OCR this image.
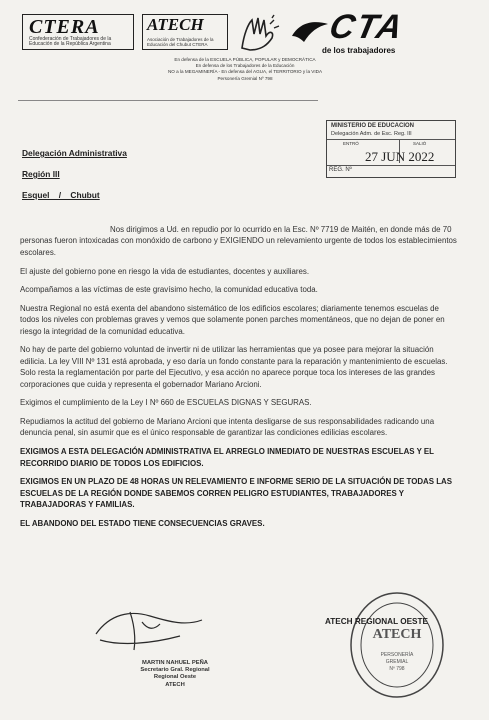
CTERA
Confederación de Trabajadores de la Educación de la República Argentina
ATECH
Asociación de Trabajadores de la Educación del Chubut CTERA	CTA
de los trabajadores
En defensa de la ESCUELA PÚBLICA, POPULAR y DEMOCRÁTICA
En defensa de los Trabajadores de la Educación
NO a la MEGAMINERÍA - En defensa del AGUA, el TERRITORIO y la VIDA
Personería Gremial Nº 798
MINISTERIO DE EDUCACION
Delegación Adm. de Esc. Reg. III
ENTRÓ	SALIÓ
27 JUN 2022
REG. Nº
Delegación Administrativa
Región III
Esquel    /    Chubut

Nos dirigimos a Ud. en repudio por lo ocurrido en la Esc. Nº 7719 de Maitén, en donde más de 70 personas fueron intoxicadas con monóxido de carbono y EXIGIENDO un relevamiento urgente de todos los establecimientos escolares.

El ajuste del gobierno pone en riesgo la vida de estudiantes, docentes y auxiliares.

Acompañamos a las víctimas de este gravísimo hecho, la comunidad educativa toda.

Nuestra Regional no está exenta del abandono sistemático de los edificios escolares; diariamente tenemos escuelas de todos los niveles con problemas graves y vemos que solamente ponen parches momentáneos, que no dejan de poner en riesgo la integridad de la comunidad educativa.

No hay de parte del gobierno voluntad de invertir ni de utilizar las herramientas que ya posee para mejorar la situación edilicia. La ley VIII Nº 131 está aprobada, y eso daría un fondo constante para la reparación y mantenimiento de escuelas. Solo resta la reglamentación por parte del Ejecutivo, y esa acción no aparece porque toca los intereses de las grandes corporaciones que cuida y representa el gobernador Mariano Arcioni.

Exigimos el cumplimiento de la Ley I Nº 660 de ESCUELAS DIGNAS Y SEGURAS.

Repudiamos la actitud del gobierno de Mariano Arcioni que intenta desligarse de sus responsabilidades radicando una denuncia penal, sin asumir que es el único responsable de garantizar las condiciones edilicias escolares.

EXIGIMOS A ESTA DELEGACIÓN ADMINISTRATIVA EL ARREGLO INMEDIATO DE NUESTRAS ESCUELAS Y EL RECORRIDO DIARIO DE TODOS LOS EDIFICIOS.

EXIGIMOS EN UN PLAZO DE 48 HORAS UN RELEVAMIENTO E INFORME SERIO DE LA SITUACIÓN DE TODAS LAS ESCUELAS DE LA REGIÓN DONDE SABEMOS CORREN PELIGRO ESTUDIANTES, TRABAJADORES Y TRABAJADORAS Y FAMILIAS.

EL ABANDONO DEL ESTADO TIENE CONSECUENCIAS GRAVES.

MARTIN NAHUEL PEÑA
Secretario Gral. Regional
Regional Oeste
ATECH
ATECH
PERSONERÍA
GREMIAL
Nº 798
ATECH REGIONAL OESTE
